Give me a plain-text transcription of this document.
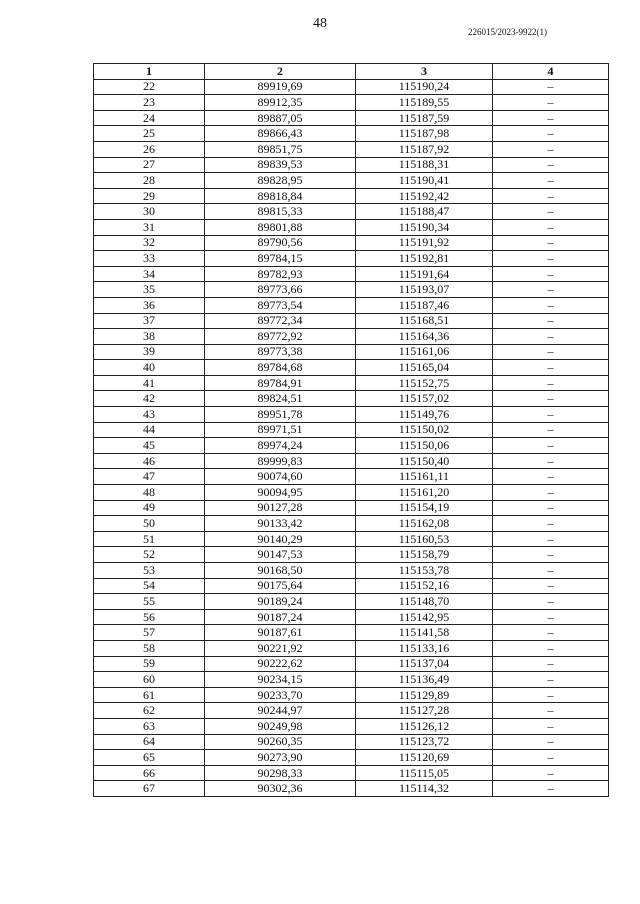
48
226015/2023-9922(1)
1	2	3	4
22	89919,69	115190,24	–
23	89912,35	115189,55	–
24	89887,05	115187,59	–
25	89866,43	115187,98	–
26	89851,75	115187,92	–
27	89839,53	115188,31	–
28	89828,95	115190,41	–
29	89818,84	115192,42	–
30	89815,33	115188,47	–
31	89801,88	115190,34	–
32	89790,56	115191,92	–
33	89784,15	115192,81	–
34	89782,93	115191,64	–
35	89773,66	115193,07	–
36	89773,54	115187,46	–
37	89772,34	115168,51	–
38	89772,92	115164,36	–
39	89773,38	115161,06	–
40	89784,68	115165,04	–
41	89784,91	115152,75	–
42	89824,51	115157,02	–
43	89951,78	115149,76	–
44	89971,51	115150,02	–
45	89974,24	115150,06	–
46	89999,83	115150,40	–
47	90074,60	115161,11	–
48	90094,95	115161,20	–
49	90127,28	115154,19	–
50	90133,42	115162,08	–
51	90140,29	115160,53	–
52	90147,53	115158,79	–
53	90168,50	115153,78	–
54	90175,64	115152,16	–
55	90189,24	115148,70	–
56	90187,24	115142,95	–
57	90187,61	115141,58	–
58	90221,92	115133,16	–
59	90222,62	115137,04	–
60	90234,15	115136,49	–
61	90233,70	115129,89	–
62	90244,97	115127,28	–
63	90249,98	115126,12	–
64	90260,35	115123,72	–
65	90273,90	115120,69	–
66	90298,33	115115,05	–
67	90302,36	115114,32	–
